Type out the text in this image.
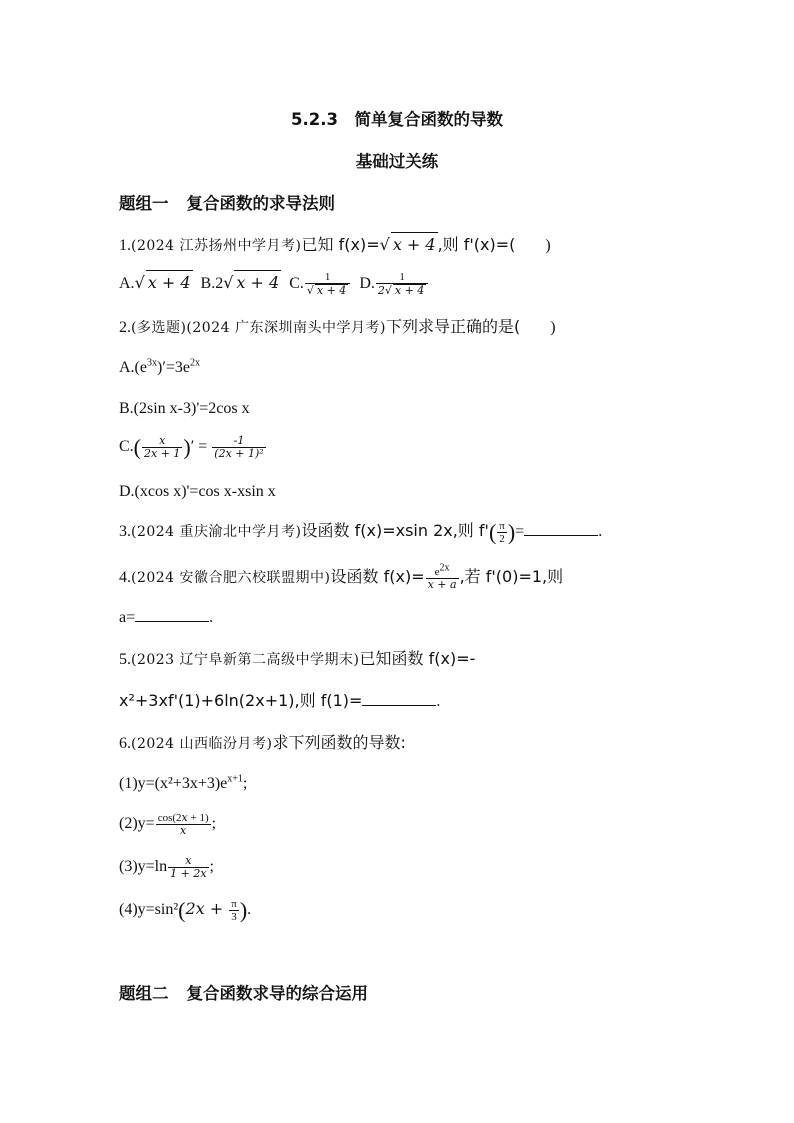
5.2.3　简单复合函数的导数
基础过关练
题组一 复合函数的求导法则
1.(2024 江苏扬州中学月考)已知 f(x)=√ x + 4 ,则 f'(x)=( )
A.√ x + 4 B.2√ x + 4 C. $\frac{1}{√ x + 4} D$. $\frac{1}{2√ x + 4}$
2.(多选题)(2024 广东深圳南头中学月考)下列求导正确的是( )
$A.(e^{3x})'=3e^{2x}$
B.(2sin x-3)'=2cos x
$C.( \frac{x}{2x + 1}$ )′ = $\frac{-1}{\text{(2x + 1)²}}$
D.(xcos x)'=cos x-xsin x
3.(2024 重庆渝北中学月考)设函数 f(x)=xsin 2x,则 $f'( \frac{\pi}{2}$ )=	.
4.(2024 安徽合肥六校联盟期中)设函数 $f(x)= \frac{e^{2x}}{x + a}$ ,若 f'(0)=1,则
a=	.
5.(2023 辽宁阜新第二高级中学期末)已知函数 f(x)=-
x²+3xf'(1)+6ln(2x+1),则 f(1)=	.
6.(2024 山西临汾月考)求下列函数的导数:
$(1)y=(x^2+3x+3)e^{x+1}$;
$(2)y= \frac{\cos(2x + 1)}{x}$ ;
$(3)y=\ln \frac{x}{1 + 2x}$ ;
$(4)y=\sin^2(2x + \frac{\pi}{3}$ ).
题组二 复合函数求导的综合运用
